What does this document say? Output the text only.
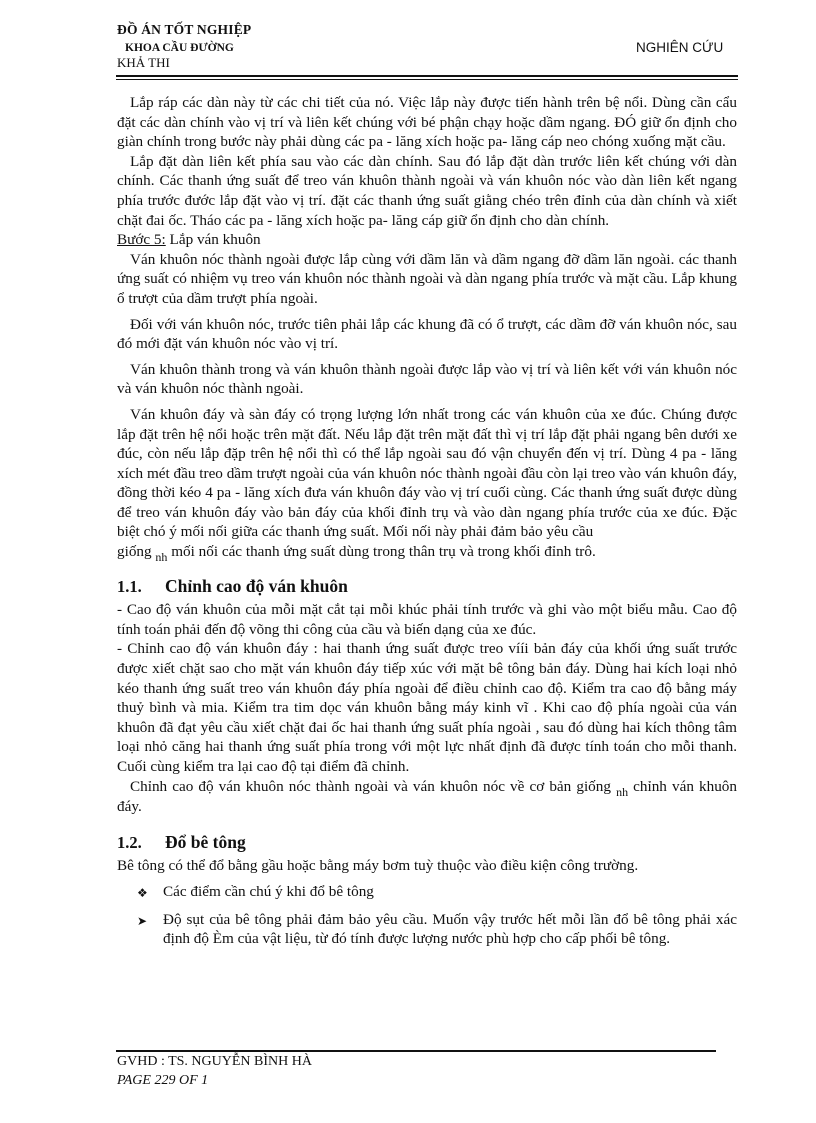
ĐỒ ÁN TỐT NGHIỆP
KHOA CẦU ĐƯỜNG
KHẢ THI
NGHIÊN CỨU

Lắp ráp các dàn này từ các chi tiết của nó. Việc lắp này được tiến hành trên bệ nổi. Dùng cần cẩu đặt các dàn chính vào vị trí và liên kết chúng với bé phận chạy hoặc dầm ngang. ĐÓ giữ ổn định cho giàn chính trong bước này phải dùng các pa - lăng xích hoặc pa- lăng cáp neo chóng xuống mặt cầu.

Lắp đặt dàn liên kết phía sau vào các dàn chính. Sau đó lắp đặt dàn trước liên kết chúng với dàn chính. Các thanh ứng suất để treo ván khuôn thành ngoài và ván khuôn nóc vào dàn liên kết ngang phía trước đước lắp đặt vào vị trí. đặt các thanh ứng suất giằng chéo trên đỉnh của dàn chính và xiết chặt đai ốc. Tháo các pa - lăng xích hoặc pa- lăng cáp giữ ổn định cho dàn chính.

Bước 5: Lắp ván khuôn

Ván khuôn nóc thành ngoài được lắp cùng với dầm lăn và dầm ngang đỡ dầm lăn ngoài. các thanh ứng suất có nhiệm vụ treo ván khuôn nóc thành ngoài và dàn ngang phía trước và mặt cầu. Lắp khung ổ trượt của dầm trượt phía ngoài.

Đối với ván khuôn nóc, trước tiên phải lắp các khung đã có ổ trượt, các dầm đỡ ván khuôn nóc, sau đó mới đặt ván khuôn nóc vào vị trí.

Ván khuôn thành trong và ván khuôn thành ngoài được lắp vào vị trí và liên kết với ván khuôn nóc và ván khuôn nóc thành ngoài.

Ván khuôn đáy và sàn đáy có trọng lượng lớn nhất trong các ván khuôn của xe đúc. Chúng được lắp đặt trên hệ nổi hoặc trên mặt đất. Nếu lắp đặt trên mặt đất thì vị trí lắp đặt phải ngang bên dưới xe đúc, còn nếu lắp đặp trên hệ nổi thì có thể lắp ngoài sau đó vận chuyển đến vị trí. Dùng 4 pa - lăng xích mét đầu treo dầm trượt ngoài của ván khuôn nóc thành ngoài đầu còn lại treo vào ván khuôn đáy, đồng thời kéo 4 pa - lăng xích đưa ván khuôn đáy vào vị trí cuối cùng. Các thanh ứng suất được dùng để treo ván khuôn đáy vào bản đáy của khối đỉnh trụ và vào dàn ngang phía trước của xe đúc. Đặc biệt chó ý mối nối giữa các thanh ứng suất. Mối nối này phải đảm bảo yêu cầu

giống $_{nh}$ mối nối các thanh ứng suất dùng trong thân trụ và trong khối đỉnh trô.

1.1.	Chỉnh cao độ ván khuôn

- Cao độ ván khuôn của mỗi mặt cắt tại mỗi khúc phải tính trước và ghi vào một biểu mẫu. Cao độ tính toán phải đến độ võng thi công của cầu và biến dạng của xe đúc.

- Chỉnh cao độ ván khuôn đáy : hai thanh ứng suất được treo vííi bản đáy của khối ứng suất trước được xiết chặt sao cho mặt ván khuôn đáy tiếp xúc với mặt bê tông bản đáy. Dùng hai kích loại nhỏ kéo thanh ứng suất treo ván khuôn đáy phía ngoài để điều chỉnh cao độ. Kiểm tra cao độ bằng máy thuỷ bình và mia. Kiểm tra tim dọc ván khuôn bằng máy kinh vĩ . Khi cao độ phía ngoài của ván khuôn đã đạt yêu cầu xiết chặt đai ốc hai thanh ứng suất phía ngoài , sau đó dùng hai kích thông tâm loại nhỏ căng hai thanh ứng suất phía trong với một lực nhất định đã được tính toán cho mỗi thanh. Cuối cùng kiểm tra lại cao độ tại điểm đã chỉnh.

Chỉnh cao độ ván khuôn nóc thành ngoài và ván khuôn nóc về cơ bản giống $_{nh}$ chỉnh ván khuôn đáy.

1.2.	Đổ bê tông

Bê tông có thể đổ bằng gầu hoặc bằng máy bơm tuỳ thuộc vào điều kiện công trường.

❖	Các điểm cần chú ý khi đổ bê tông
➤	Độ sụt của bê tông phải đảm bảo yêu cầu. Muốn vậy trước hết mỗi lần đổ bê tông phải xác định độ Èm của vật liệu, từ đó tính được lượng nước phù hợp cho cấp phối bê tông.
GVHD : TS. NGUYỄN BÌNH HÀ
PAGE 229 OF 1
